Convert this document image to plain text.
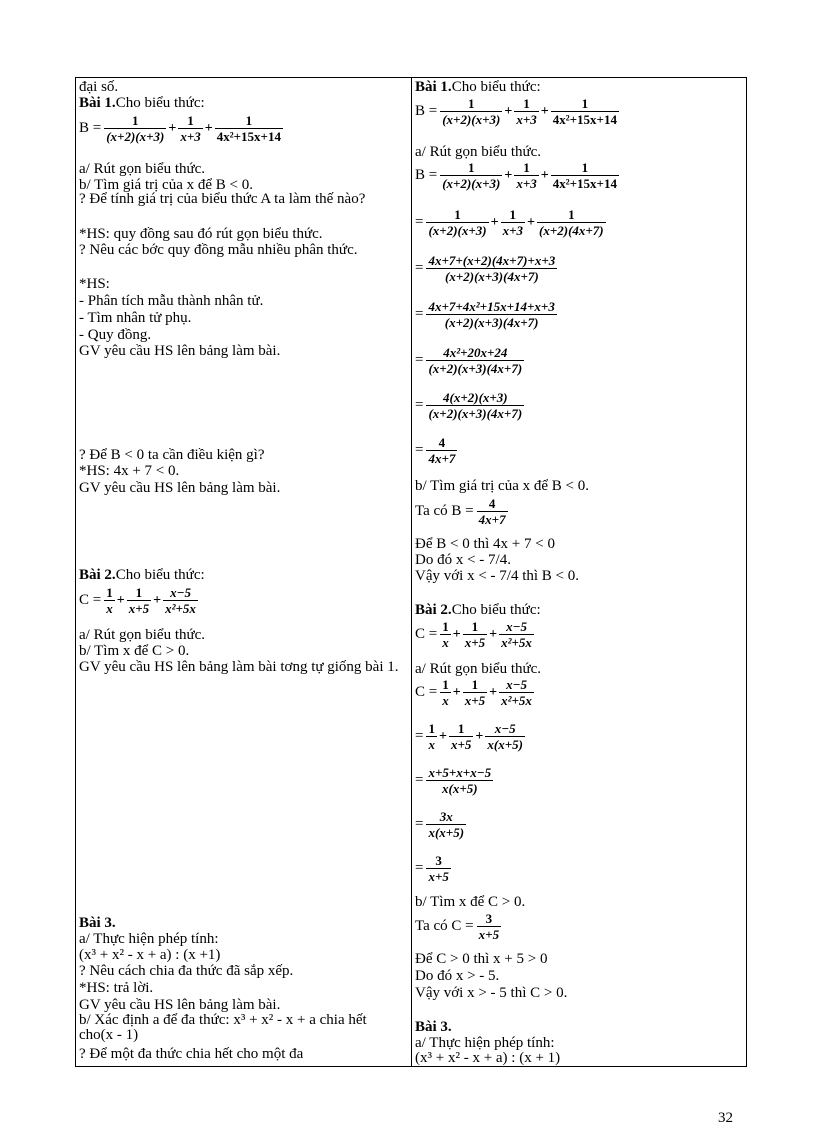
đại số.
Bài 1.Cho biểu thức:
$B = \frac{1}{(x+2)(x+3)} + \frac{1}{x+3} + \frac{1}{\text{4x²+15x+14}}$
a/ Rút gọn biểu thức.
b/ Tìm giá trị của x để B < 0.
? Để tính giá trị của biểu thức A ta làm thế nào?
*HS: quy đồng sau đó rút gọn biểu thức.
? Nêu các bớc quy đồng mẫu nhiều phân thức.
*HS:
- Phân tích mẫu thành nhân tử.
- Tìm nhân tử phụ.
- Quy đồng.
GV yêu cầu HS lên bảng làm bài.
? Để B < 0 ta cần điều kiện gì?
*HS: 4x + 7 < 0.
GV yêu cầu HS lên bảng làm bài.
Bài 2.Cho biểu thức:
$C = \frac{1}{x} + \frac{1}{x+5} + \frac{x-5}{\text{x²+5x}}$
a/ Rút gọn biểu thức.
b/ Tìm x để C > 0.
GV yêu cầu HS lên bảng làm bài tơng tự giống bài 1.
Bài 3.
a/ Thực hiện phép tính:
(x³ + x² - x + a) : (x +1)
? Nêu cách chia đa thức đã sắp xếp.
*HS: trả lời.
GV yêu cầu HS lên bảng làm bài.
b/ Xác định a để đa thức: x³ + x² - x + a chia hết cho(x - 1)
? Để một đa thức chia hết cho một đa
Bài 1.Cho biểu thức:
$B = \frac{1}{(x+2)(x+3)} + \frac{1}{x+3} + \frac{1}{\text{4x²+15x+14}}$
a/ Rút gọn biểu thức.
$B = \frac{1}{(x+2)(x+3)} + \frac{1}{x+3} + \frac{1}{\text{4x²+15x+14}}$
= $\frac{1}{(x+2)(x+3)} + \frac{1}{x+3} + \frac{1}{(x+2)(4x+7)}$
= $\frac{4x+7+(x+2)(4x+7)+x+3}{(x+2)(x+3)(4x+7)}$
= $\frac{\text{4x+7+4x²+15x+14+x+3}}{(x+2)(x+3)(4x+7)}$
= $\frac{\text{4x²+20x+24}}{(x+2)(x+3)(4x+7)}$
= $\frac{4(x+2)(x+3)}{(x+2)(x+3)(4x+7)}$
= $\frac{4}{4x+7}$
b/ Tìm giá trị của x để B < 0.
Ta có $B = \frac{4}{4x+7}$
Để B < 0 thì 4x + 7 < 0
Do đó x < - 7/4.
Vậy với x < - 7/4 thì B < 0.
Bài 2.Cho biểu thức:
$C = \frac{1}{x} + \frac{1}{x+5} + \frac{x-5}{\text{x²+5x}}$
a/ Rút gọn biểu thức.
$C = \frac{1}{x} + \frac{1}{x+5} + \frac{x-5}{\text{x²+5x}}$
= $\frac{1}{x} + \frac{1}{x+5} + \frac{x-5}{x(x+5)}$
= $\frac{x+5+x+x-5}{x(x+5)}$
= $\frac{3x}{x(x+5)}$
= $\frac{3}{x+5}$
b/ Tìm x để C > 0.
Ta có $C = \frac{3}{x+5}$
Để C > 0 thì x + 5 > 0
Do đó x > - 5.
Vậy với x > - 5 thì C > 0.
Bài 3.
a/ Thực hiện phép tính:
(x³ + x² - x + a) : (x + 1)
32
